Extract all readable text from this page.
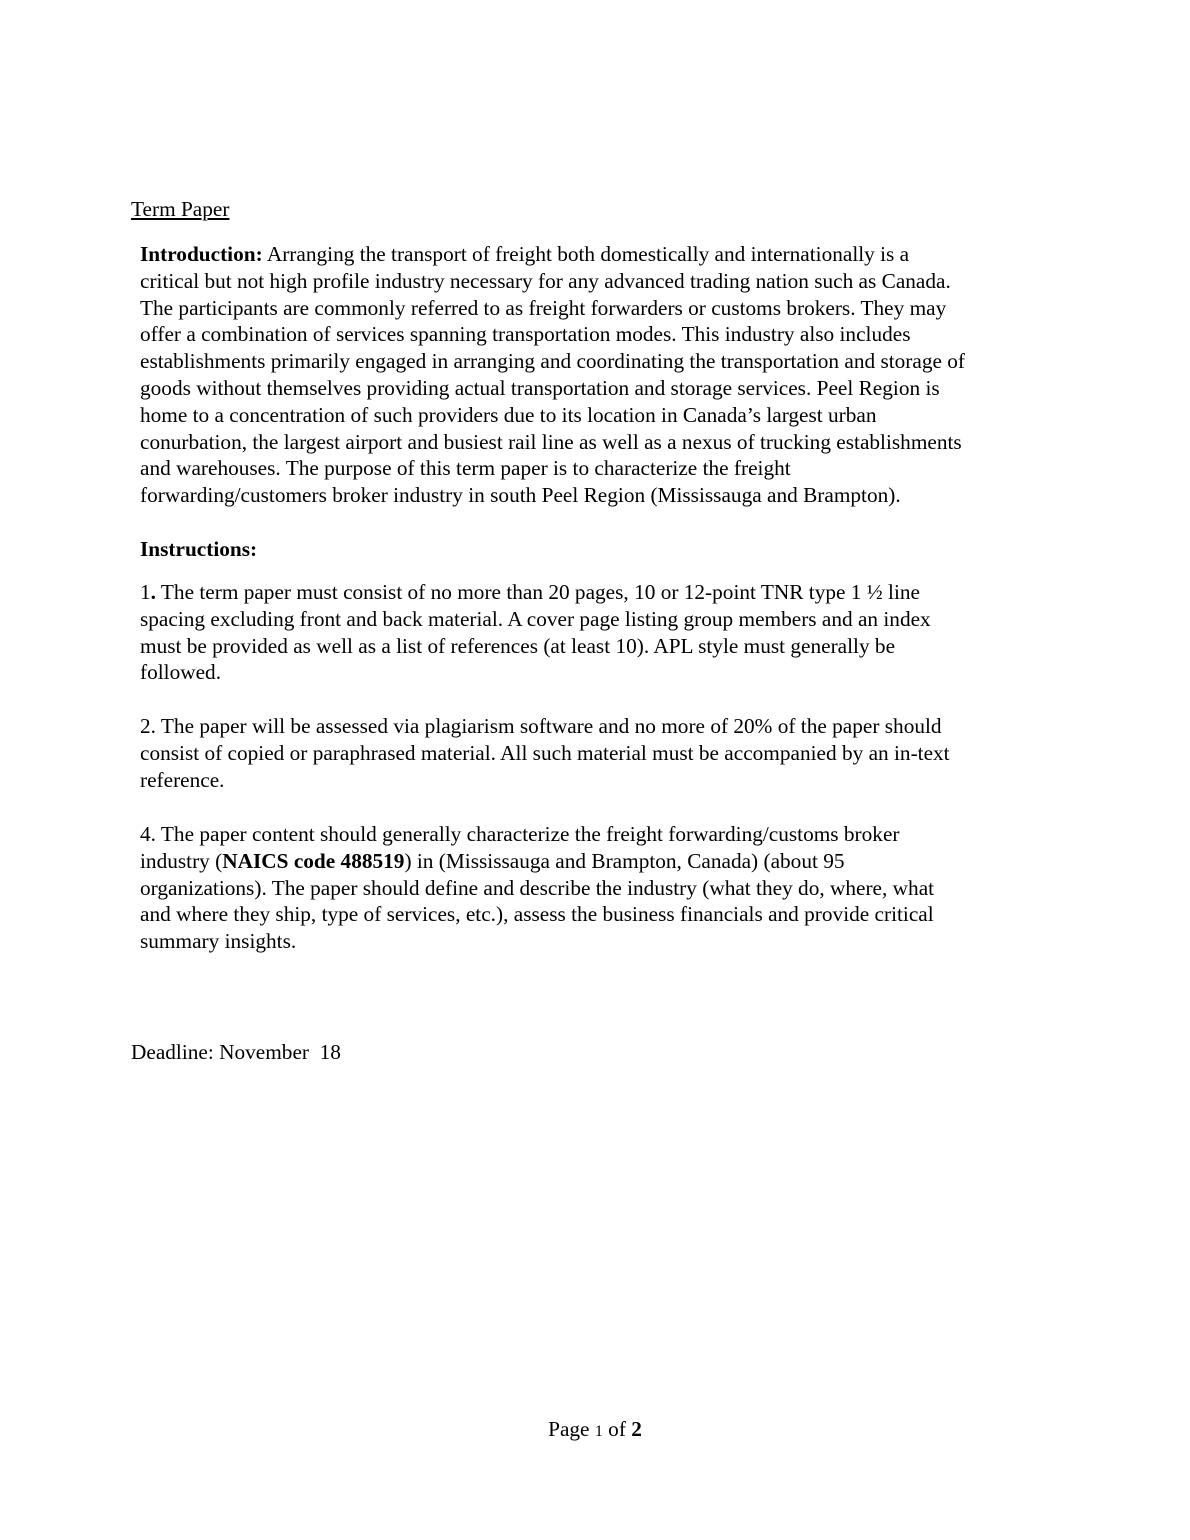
Term Paper
Introduction: Arranging the transport of freight both domestically and internationally is a
critical but not high profile industry necessary for any advanced trading nation such as Canada.
The participants are commonly referred to as freight forwarders or customs brokers. They may
offer a combination of services spanning transportation modes. This industry also includes
establishments primarily engaged in arranging and coordinating the transportation and storage of
goods without themselves providing actual transportation and storage services. Peel Region is
home to a concentration of such providers due to its location in Canada’s largest urban
conurbation, the largest airport and busiest rail line as well as a nexus of trucking establishments
and warehouses. The purpose of this term paper is to characterize the freight
forwarding/customers broker industry in south Peel Region (Mississauga and Brampton).
Instructions:
1. The term paper must consist of no more than 20 pages, 10 or 12-point TNR type 1 ½ line
spacing excluding front and back material. A cover page listing group members and an index
must be provided as well as a list of references (at least 10). APL style must generally be
followed.
2. The paper will be assessed via plagiarism software and no more of 20% of the paper should
consist of copied or paraphrased material. All such material must be accompanied by an in-text
reference.
4. The paper content should generally characterize the freight forwarding/customs broker
industry (NAICS code 488519) in (Mississauga and Brampton, Canada) (about 95
organizations). The paper should define and describe the industry (what they do, where, what
and where they ship, type of services, etc.), assess the business financials and provide critical
summary insights.
Deadline: November  18
Page 1 of 2
